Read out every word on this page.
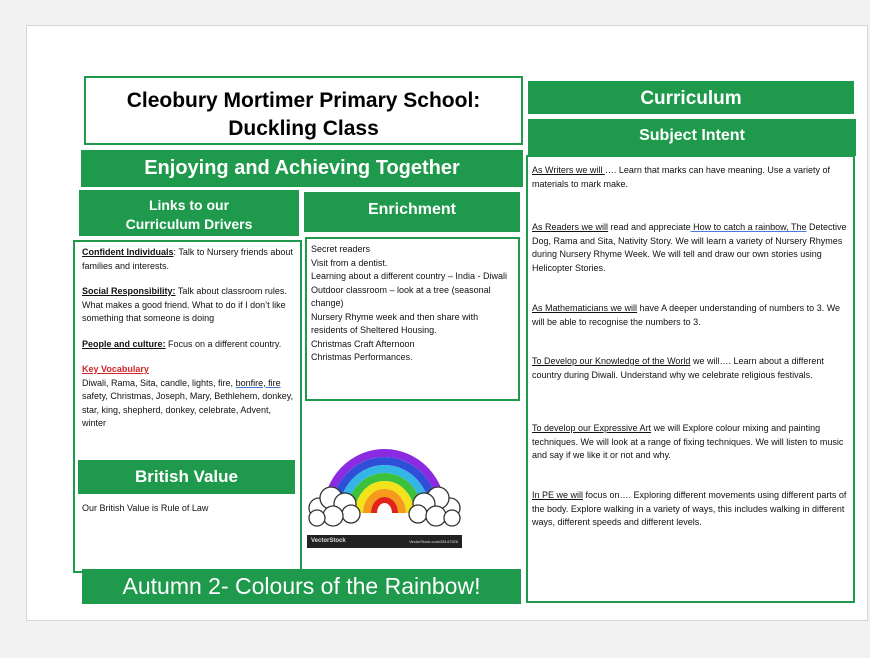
Cleobury Mortimer Primary School:
Duckling Class
Enjoying and Achieving Together
Links to our
Curriculum Drivers

Confident Individuals: Talk to Nursery friends about families and interests.

Social Responsibility: Talk about classroom rules. What makes a good friend. What to do if I don’t like something that someone is doing

People and culture: Focus on a different country.

Key Vocabulary
Diwali, Rama, Sita, candle, lights, fire, bonfire, fire safety, Christmas, Joseph, Mary, Bethlehem, donkey, star, king, shepherd, donkey, celebrate, Advent, winter
British Value
Our British Value is Rule of Law
Enrichment
Secret readers
Visit from a dentist.
Learning about a different country – India - Diwali
Outdoor classroom – look at a tree (seasonal change)
Nursery Rhyme week and then share with residents of Sheltered Housing.
Christmas Craft Afternoon
Christmas Performances.
VectorStock	VectorStock.com/28147926
Autumn 2- Colours of the Rainbow!
Curriculum
Subject Intent
As Writers we will …. Learn that marks can have meaning. Use a variety of materials to mark make.
As Readers we will read and appreciate How to catch a rainbow, The Detective Dog, Rama and Sita, Nativity Story. We will learn a variety of Nursery Rhymes during Nursery Rhyme Week. We will tell and draw our own stories using Helicopter Stories.
As Mathematicians we will have A deeper understanding of numbers to 3. We will be able to recognise the numbers to 3.
To Develop our Knowledge of the World we will…. Learn about a different country during Diwali. Understand why we celebrate religious festivals.
To develop our Expressive Art we will Explore colour mixing and painting techniques. We will look at a range of fixing techniques. We will listen to music and say if we like it or not and why.
In PE we will focus on…. Exploring different movements using different parts of the body. Explore walking in a variety of ways, this includes walking in different ways, different speeds and different levels.
